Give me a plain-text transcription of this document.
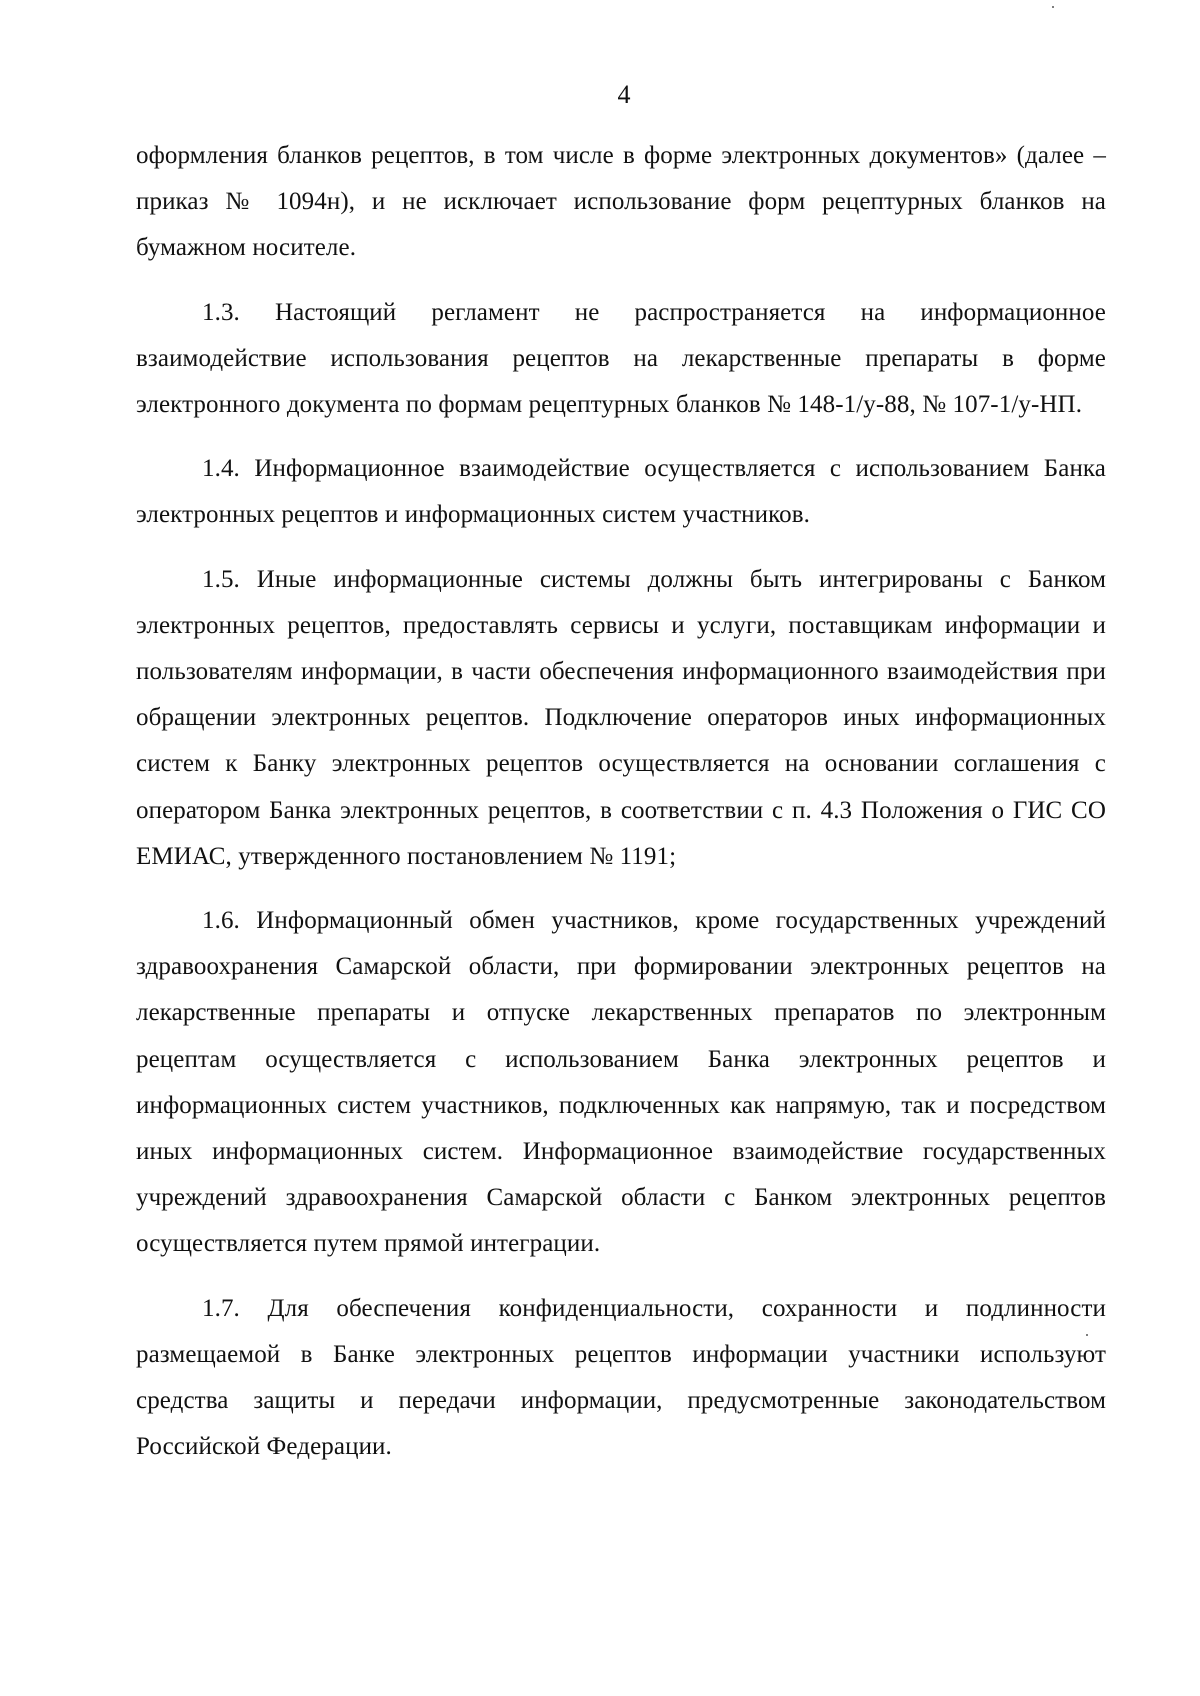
4

оформления бланков рецептов, в том числе в форме электронных документов» (далее – приказ № 1094н), и не исключает использование форм рецептурных бланков на бумажном носителе.

1.3. Настоящий регламент не распространяется на информационное взаимодействие использования рецептов на лекарственные препараты в форме электронного документа по формам рецептурных бланков № 148-1/у-88, № 107-1/у-НП.

1.4. Информационное взаимодействие осуществляется с использованием Банка электронных рецептов и информационных систем участников.

1.5. Иные информационные системы должны быть интегрированы с Банком электронных рецептов, предоставлять сервисы и услуги, поставщикам информации и пользователям информации, в части обеспечения информационного взаимодействия при обращении электронных рецептов. Подключение операторов иных информационных систем к Банку электронных рецептов осуществляется на основании соглашения с оператором Банка электронных рецептов, в соответствии с п. 4.3 Положения о ГИС СО ЕМИАС, утвержденного постановлением № 1191;

1.6. Информационный обмен участников, кроме государственных учреждений здравоохранения Самарской области, при формировании электронных рецептов на лекарственные препараты и отпуске лекарственных препаратов по электронным рецептам осуществляется с использованием Банка электронных рецептов и информационных систем участников, подключенных как напрямую, так и посредством иных информационных систем. Информационное взаимодействие государственных учреждений здравоохранения Самарской области с Банком электронных рецептов осуществляется путем прямой интеграции.

1.7. Для обеспечения конфиденциальности, сохранности и подлинности размещаемой в Банке электронных рецептов информации участники используют средства защиты и передачи информации, предусмотренные законодательством Российской Федерации.
